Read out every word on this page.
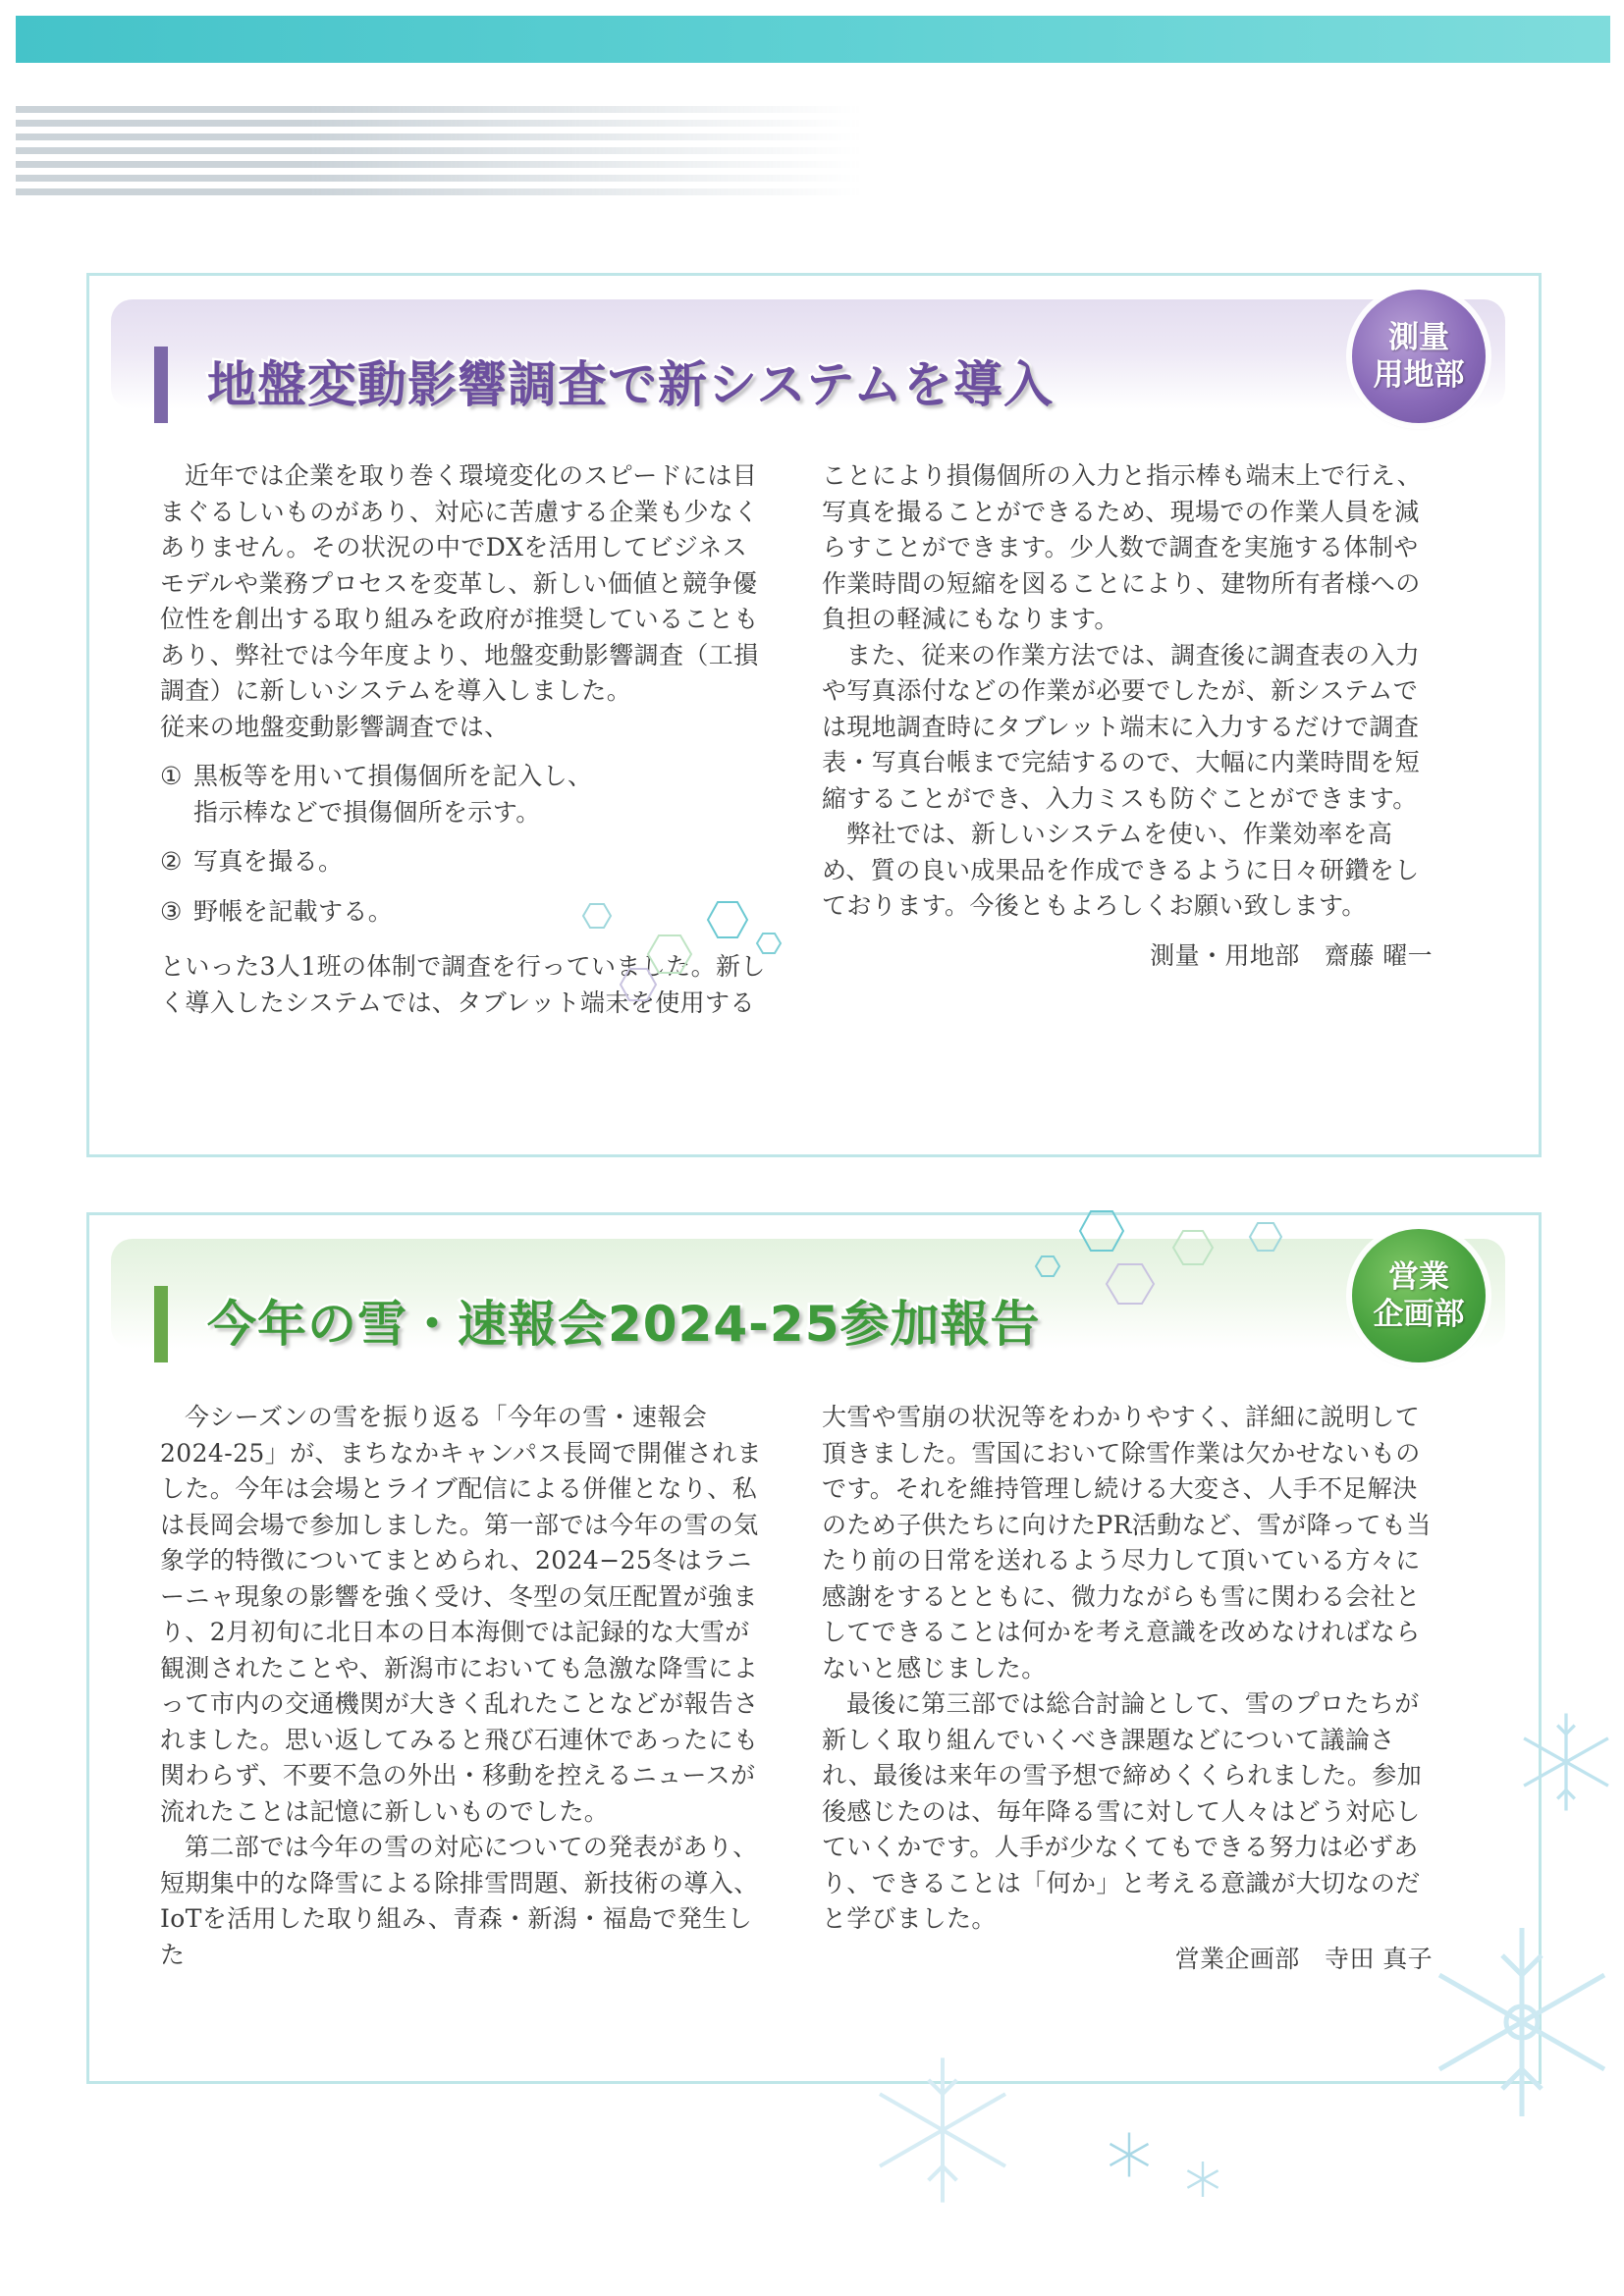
地盤変動影響調査で新システムを導入
測量
用地部

近年では企業を取り巻く環境変化のスピードには目まぐるしいものがあり、対応に苦慮する企業も少なくありません。その状況の中でDXを活用してビジネスモデルや業務プロセスを変革し、新しい価値と競争優位性を創出する取り組みを政府が推奨していることもあり、弊社では今年度より、地盤変動影響調査（工損調査）に新しいシステムを導入しました。

従来の地盤変動影響調査では、

① 黒板等を用いて損傷個所を記入し、
指示棒などで損傷個所を示す。
② 写真を撮る。
③ 野帳を記載する。

といった3人1班の体制で調査を行っていました。新しく導入したシステムでは、タブレット端末を使用する

ことにより損傷個所の入力と指示棒も端末上で行え、写真を撮ることができるため、現場での作業人員を減らすことができます。少人数で調査を実施する体制や作業時間の短縮を図ることにより、建物所有者様への負担の軽減にもなります。

また、従来の作業方法では、調査後に調査表の入力や写真添付などの作業が必要でしたが、新システムでは現地調査時にタブレット端末に入力するだけで調査表・写真台帳まで完結するので、大幅に内業時間を短縮することができ、入力ミスも防ぐことができます。

弊社では、新しいシステムを使い、作業効率を高め、質の良い成果品を作成できるように日々研鑽をしております。今後ともよろしくお願い致します。

測量・用地部　齋藤 曜一

今年の雪・速報会2024-25参加報告
営業
企画部

今シーズンの雪を振り返る「今年の雪・速報会2024-25」が、まちなかキャンパス長岡で開催されました。今年は会場とライブ配信による併催となり、私は長岡会場で参加しました。第一部では今年の雪の気象学的特徴についてまとめられ、2024−25冬はラニーニャ現象の影響を強く受け、冬型の気圧配置が強まり、2月初旬に北日本の日本海側では記録的な大雪が観測されたことや、新潟市においても急激な降雪によって市内の交通機関が大きく乱れたことなどが報告されました。思い返してみると飛び石連休であったにも関わらず、不要不急の外出・移動を控えるニュースが流れたことは記憶に新しいものでした。

第二部では今年の雪の対応についての発表があり、短期集中的な降雪による除排雪問題、新技術の導入、IoTを活用した取り組み、青森・新潟・福島で発生した

大雪や雪崩の状況等をわかりやすく、詳細に説明して頂きました。雪国において除雪作業は欠かせないものです。それを維持管理し続ける大変さ、人手不足解決のため子供たちに向けたPR活動など、雪が降っても当たり前の日常を送れるよう尽力して頂いている方々に感謝をするとともに、微力ながらも雪に関わる会社としてできることは何かを考え意識を改めなければならないと感じました。

最後に第三部では総合討論として、雪のプロたちが新しく取り組んでいくべき課題などについて議論され、最後は来年の雪予想で締めくくられました。参加後感じたのは、毎年降る雪に対して人々はどう対応していくかです。人手が少なくてもできる努力は必ずあり、できることは「何か」と考える意識が大切なのだと学びました。

営業企画部　寺田 真子
